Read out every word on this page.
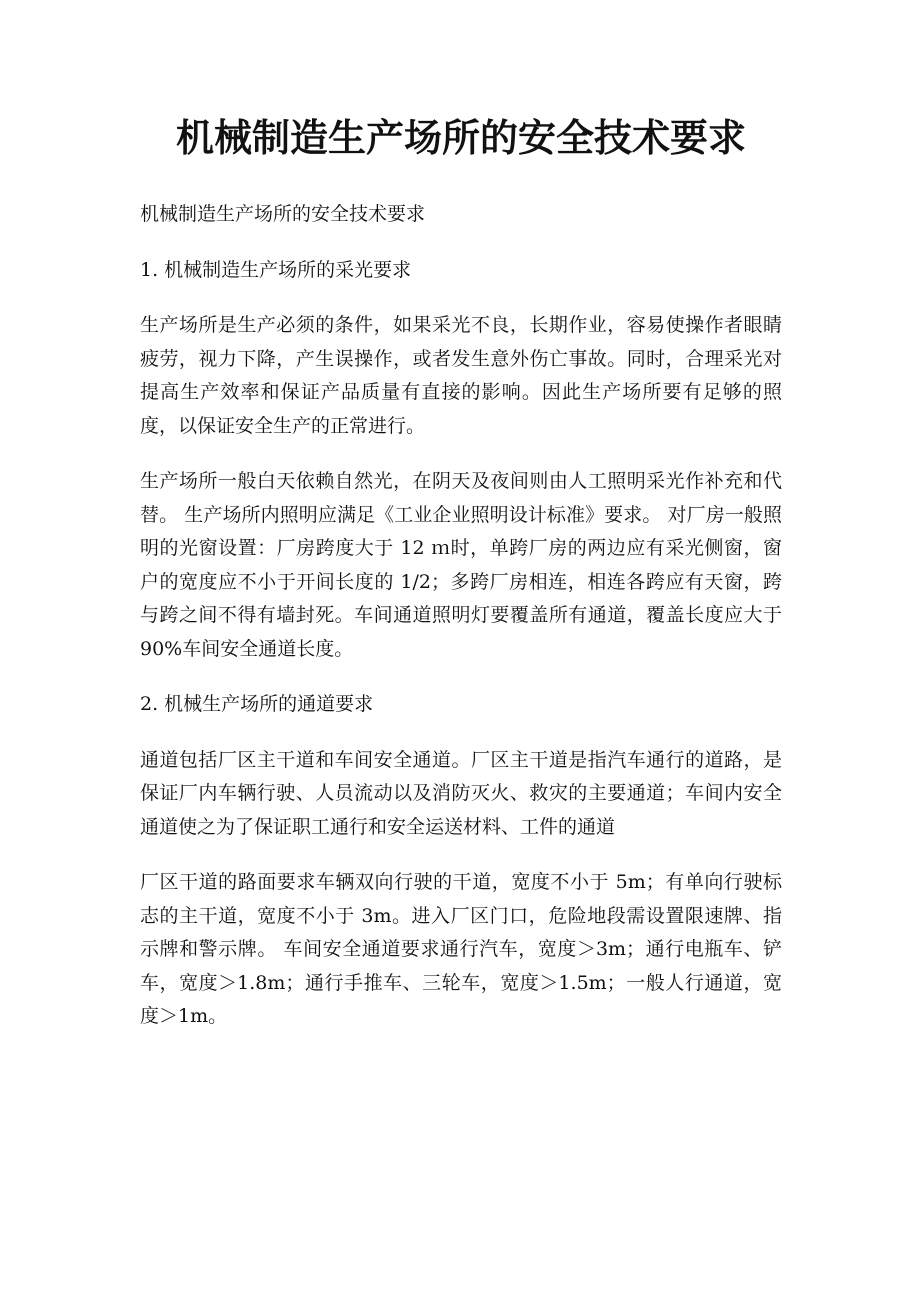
机械制造生产场所的安全技术要求

机械制造生产场所的安全技术要求

1. 机械制造生产场所的采光要求

生产场所是生产必须的条件，如果采光不良，长期作业，容易使操作者眼睛疲劳，视力下降，产生误操作，或者发生意外伤亡事故。同时，合理采光对提高生产效率和保证产品质量有直接的影响。因此生产场所要有足够的照度，以保证安全生产的正常进行。

生产场所一般白天依赖自然光，在阴天及夜间则由人工照明采光作补充和代替。 生产场所内照明应满足《工业企业照明设计标准》要求。 对厂房一般照明的光窗设置：厂房跨度大于 12 ｍ时，单跨厂房的两边应有采光侧窗，窗户的宽度应不小于开间长度的 1/2；多跨厂房相连，相连各跨应有天窗，跨与跨之间不得有墙封死。车间通道照明灯要覆盖所有通道，覆盖长度应大于 90%车间安全通道长度。

2. 机械生产场所的通道要求

通道包括厂区主干道和车间安全通道。厂区主干道是指汽车通行的道路，是保证厂内车辆行驶、人员流动以及消防灭火、救灾的主要通道；车间内安全通道使之为了保证职工通行和安全运送材料、工件的通道

厂区干道的路面要求车辆双向行驶的干道，宽度不小于 5m；有单向行驶标志的主干道，宽度不小于 3m。进入厂区门口，危险地段需设置限速牌、指示牌和警示牌。 车间安全通道要求通行汽车，宽度＞3m；通行电瓶车、铲车，宽度＞1.8m；通行手推车、三轮车，宽度＞1.5m；一般人行通道，宽度＞1m。
